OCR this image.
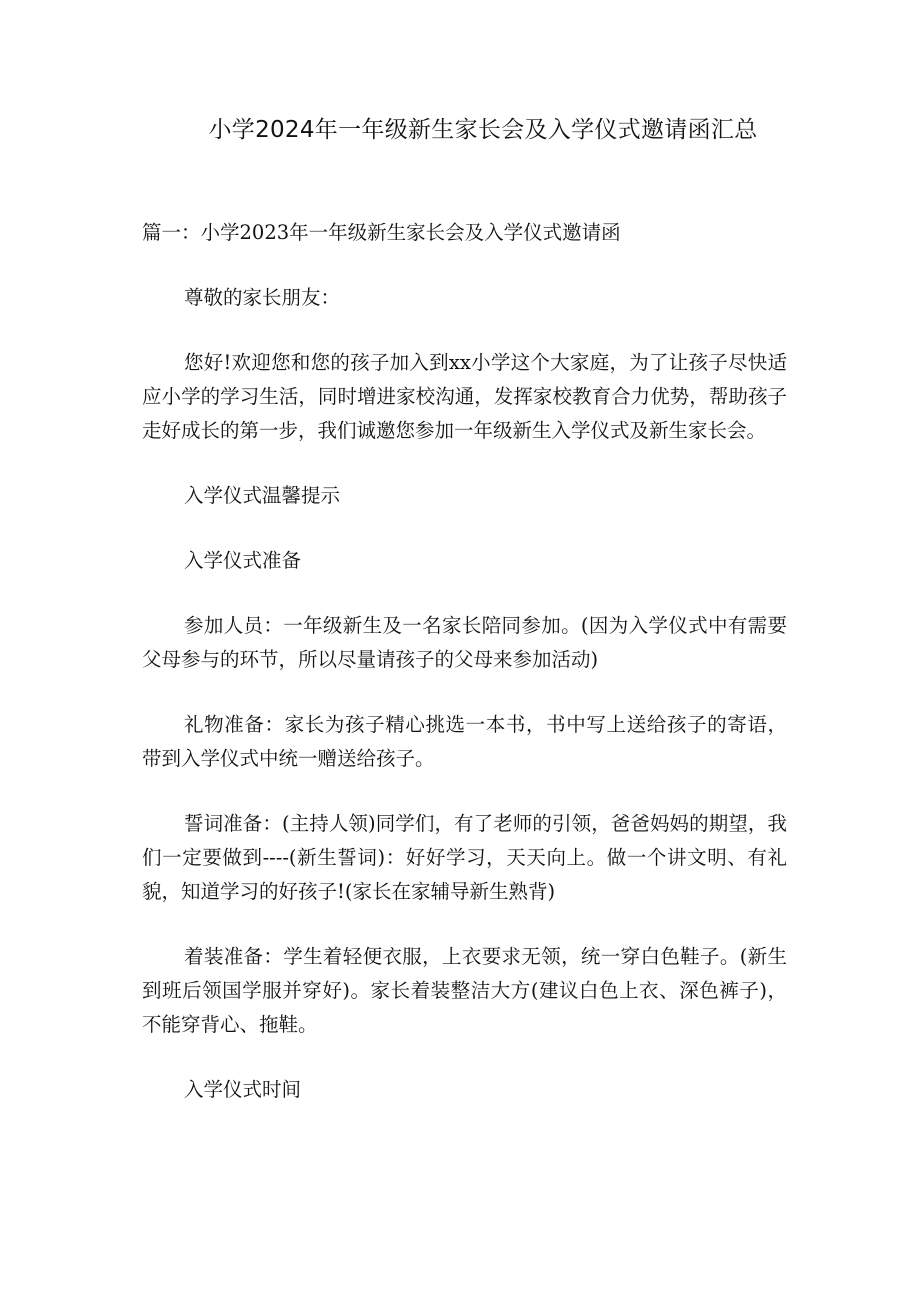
小学2024年一年级新生家长会及入学仪式邀请函汇总

篇一：小学2023年一年级新生家长会及入学仪式邀请函

尊敬的家长朋友：

您好!欢迎您和您的孩子加入到xx小学这个大家庭，为了让孩子尽快适应小学的学习生活，同时增进家校沟通，发挥家校教育合力优势，帮助孩子走好成长的第一步，我们诚邀您参加一年级新生入学仪式及新生家长会。

入学仪式温馨提示

入学仪式准备

参加人员：一年级新生及一名家长陪同参加。(因为入学仪式中有需要父母参与的环节，所以尽量请孩子的父母来参加活动)

礼物准备：家长为孩子精心挑选一本书，书中写上送给孩子的寄语，带到入学仪式中统一赠送给孩子。

誓词准备：(主持人领)同学们，有了老师的引领，爸爸妈妈的期望，我们一定要做到----(新生誓词)：好好学习，天天向上。做一个讲文明、有礼貌，知道学习的好孩子!(家长在家辅导新生熟背)

着装准备：学生着轻便衣服，上衣要求无领，统一穿白色鞋子。(新生到班后领国学服并穿好)。家长着装整洁大方(建议白色上衣、深色裤子)，不能穿背心、拖鞋。

入学仪式时间
